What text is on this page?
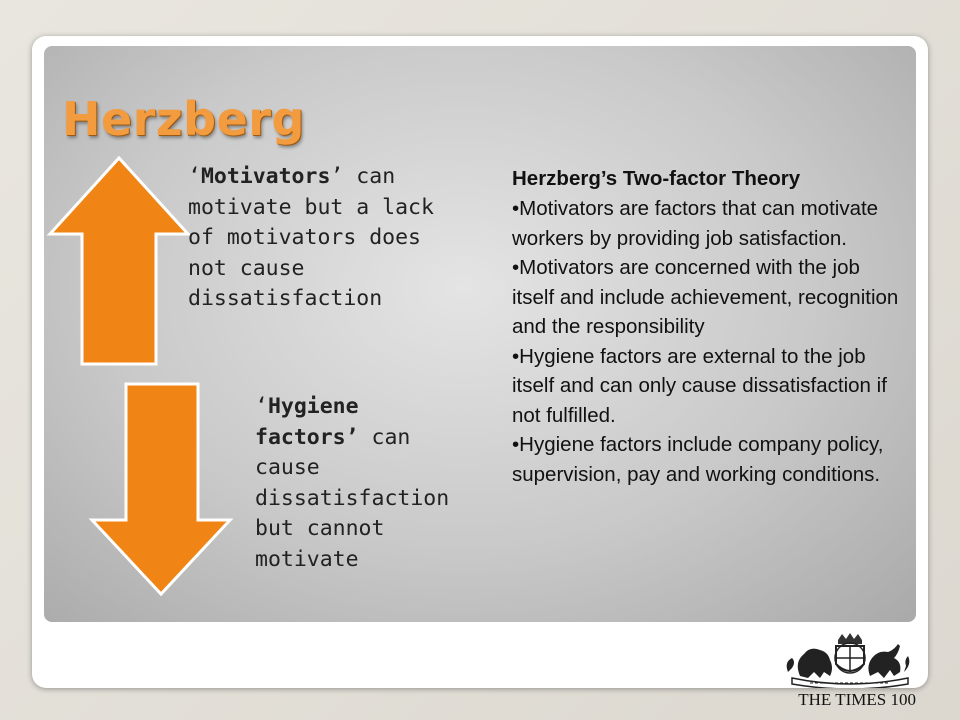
Herzberg
‘Motivators’ can motivate but a lack of motivators does not cause dissatisfaction
‘Hygiene factors’ can cause dissatisfaction but cannot motivate
Herzberg’s Two-factor Theory
•Motivators are factors that can motivate workers by providing job satisfaction.
•Motivators are concerned with the job itself and include achievement, recognition and the responsibility
•Hygiene factors are external to the job itself and can only cause dissatisfaction if not fulfilled.
•Hygiene factors include company policy, supervision, pay and working conditions.
THE TIMES 100
